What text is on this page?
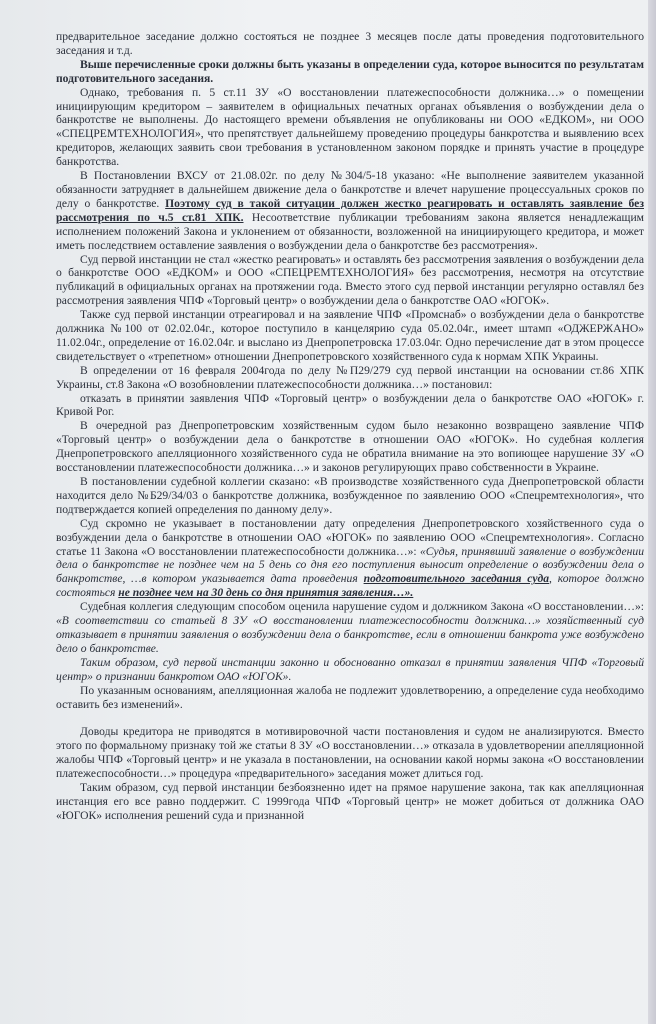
предварительное заседание должно состояться не позднее 3 месяцев после даты проведения подготовительного заседания и т.д.

Выше перечисленные сроки должны быть указаны в определении суда, которое выносится по результатам подготовительного заседания.

Однако, требования п. 5 ст.11 ЗУ «О восстановлении платежеспособности должника…» о помещении инициирующим кредитором – заявителем в официальных печатных органах объявления о возбуждении дела о банкротстве не выполнены. До настоящего времени объявления не опубликованы ни ООО «ЕДКОМ», ни ООО «СПЕЦРЕМТЕХНОЛОГИЯ», что препятствует дальнейшему проведению процедуры банкротства и выявлению всех кредиторов, желающих заявить свои требования в установленном законом порядке и принять участие в процедуре банкротства.

В Постановлении ВХСУ от 21.08.02г. по делу №304/5-18 указано: «Не выполнение заявителем указанной обязанности затрудняет в дальнейшем движение дела о банкротстве и влечет нарушение процессуальных сроков по делу о банкротстве. Поэтому суд в такой ситуации должен жестко реагировать и оставлять заявление без рассмотрения по ч.5 ст.81 ХПК. Несоответствие публикации требованиям закона является ненадлежащим исполнением положений Закона и уклонением от обязанности, возложенной на инициирующего кредитора, и может иметь последствием оставление заявления о возбуждении дела о банкротстве без рассмотрения».

Суд первой инстанции не стал «жестко реагировать» и оставлять без рассмотрения заявления о возбуждении дела о банкротстве ООО «ЕДКОМ» и ООО «СПЕЦРЕМТЕХНОЛОГИЯ» без рассмотрения, несмотря на отсутствие публикаций в официальных органах на протяжении года. Вместо этого суд первой инстанции регулярно оставлял без рассмотрения заявления ЧПФ «Торговый центр» о возбуждении дела о банкротстве ОАО «ЮГОК».

Также суд первой инстанции отреагировал и на заявление ЧПФ «Промснаб» о возбуждении дела о банкротстве должника №100 от 02.02.04г., которое поступило в канцелярию суда 05.02.04г., имеет штамп «ОДЖЕРЖАНО» 11.02.04г., определение от 16.02.04г. и выслано из Днепропетровска 17.03.04г. Одно перечисление дат в этом процессе свидетельствует о «трепетном» отношении Днепропетровского хозяйственного суда к нормам ХПК Украины.

В определении от 16 февраля 2004года по делу №П29/279 суд первой инстанции на основании ст.86 ХПК Украины, ст.8 Закона «О возобновлении платежеспособности должника…» постановил:

отказать в принятии заявления ЧПФ «Торговый центр» о возбуждении дела о банкротстве ОАО «ЮГОК» г. Кривой Рог.

В очередной раз Днепропетровским хозяйственным судом было незаконно возвращено заявление ЧПФ «Торговый центр» о возбуждении дела о банкротстве в отношении ОАО «ЮГОК». Но судебная коллегия Днепропетровского апелляционного хозяйственного суда не обратила внимание на это вопиющее нарушение ЗУ «О восстановлении платежеспособности должника…» и законов регулирующих право собственности в Украине.

В постановлении судебной коллегии сказано: «В производстве хозяйственного суда Днепропетровской области находится дело №Б29/34/03 о банкротстве должника, возбужденное по заявлению ООО «Спецремтехнология», что подтверждается копией определения по данному делу».

Суд скромно не указывает в постановлении дату определения Днепропетровского хозяйственного суда о возбуждении дела о банкротстве в отношении ОАО «ЮГОК» по заявлению ООО «Спецремтехнология». Согласно статье 11 Закона «О восстановлении платежеспособности должника…»: «Судья, принявший заявление о возбуждении дела о банкротстве не позднее чем на 5 день со дня его поступления выносит определение о возбуждении дела о банкротстве, …в котором указывается дата проведения подготовительного заседания суда, которое должно состояться не позднее чем на 30 день со дня принятия заявления…».

Судебная коллегия следующим способом оценила нарушение судом и должником Закона «О восстановлении…»: «В соответствии со статьей 8 ЗУ «О восстановлении платежеспособности должника…» хозяйственный суд отказывает в принятии заявления о возбуждении дела о банкротстве, если в отношении банкрота уже возбуждено дело о банкротстве.

Таким образом, суд первой инстанции законно и обоснованно отказал в принятии заявления ЧПФ «Торговый центр» о признании банкротом ОАО «ЮГОК».

По указанным основаниям, апелляционная жалоба не подлежит удовлетворению, а определение суда необходимо оставить без изменений».

Доводы кредитора не приводятся в мотивировочной части постановления и судом не анализируются. Вместо этого по формальному признаку той же статьи 8 ЗУ «О восстановлении…» отказала в удовлетворении апелляционной жалобы ЧПФ «Торговый центр» и не указала в постановлении, на основании какой нормы закона «О восстановлении платежеспособности…» процедура «предварительного» заседания может длиться год.

Таким образом, суд первой инстанции безбоязненно идет на прямое нарушение закона, так как апелляционная инстанция его все равно поддержит. С 1999года ЧПФ «Торговый центр» не может добиться от должника ОАО «ЮГОК» исполнения решений суда и признанной
